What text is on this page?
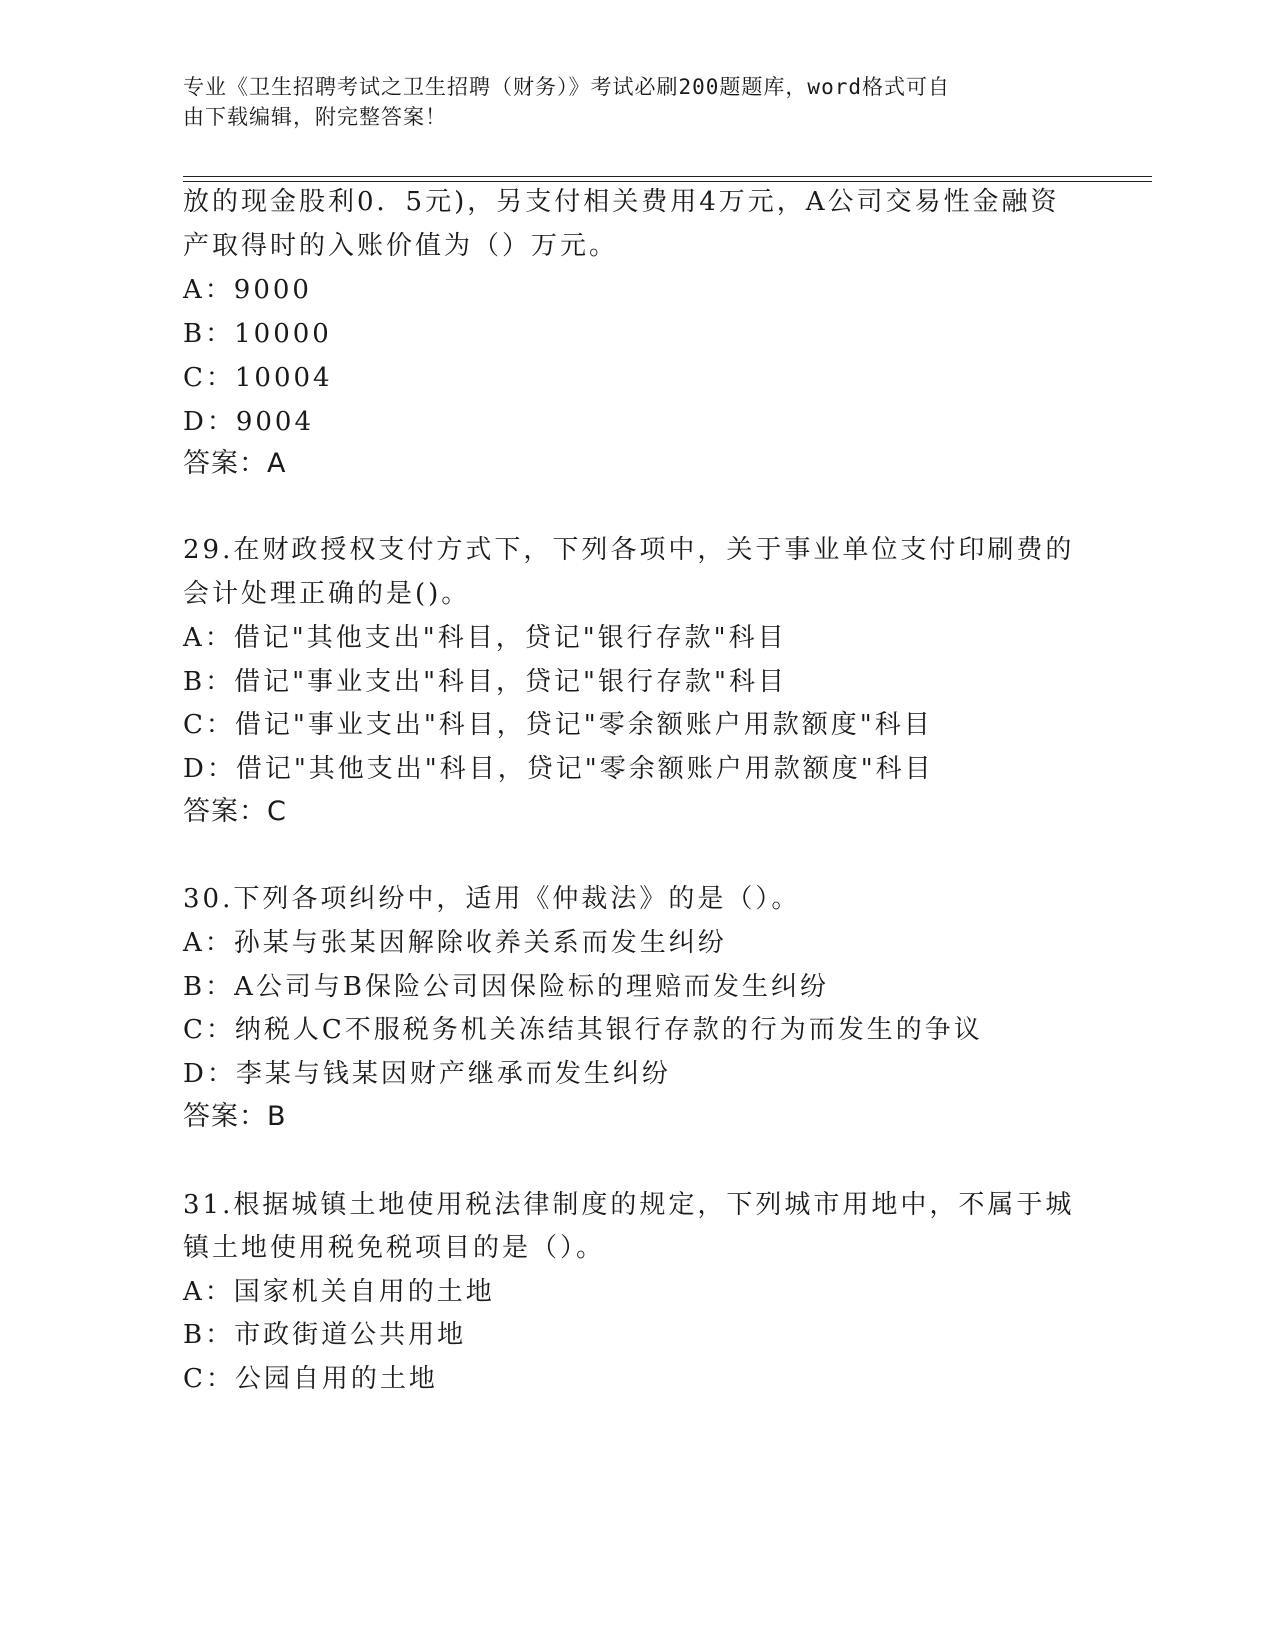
专业《卫生招聘考试之卫生招聘（财务）》考试必刷200题题库，word格式可自
由下载编辑，附完整答案！
放的现金股利0．5元)，另支付相关费用4万元，A公司交易性金融资
产取得时的入账价值为（）万元。
A：9000
B：10000
C：10004
D：9004
答案：A
29.在财政授权支付方式下，下列各项中，关于事业单位支付印刷费的
会计处理正确的是()。
A：借记"其他支出"科目，贷记"银行存款"科目
B：借记"事业支出"科目，贷记"银行存款"科目
C：借记"事业支出"科目，贷记"零余额账户用款额度"科目
D：借记"其他支出"科目，贷记"零余额账户用款额度"科目
答案：C
30.下列各项纠纷中，适用《仲裁法》的是（）。
A：孙某与张某因解除收养关系而发生纠纷
B：A公司与B保险公司因保险标的理赔而发生纠纷
C：纳税人C不服税务机关冻结其银行存款的行为而发生的争议
D：李某与钱某因财产继承而发生纠纷
答案：B
31.根据城镇土地使用税法律制度的规定，下列城市用地中，不属于城
镇土地使用税免税项目的是（）。
A：国家机关自用的土地
B：市政街道公共用地
C：公园自用的土地
